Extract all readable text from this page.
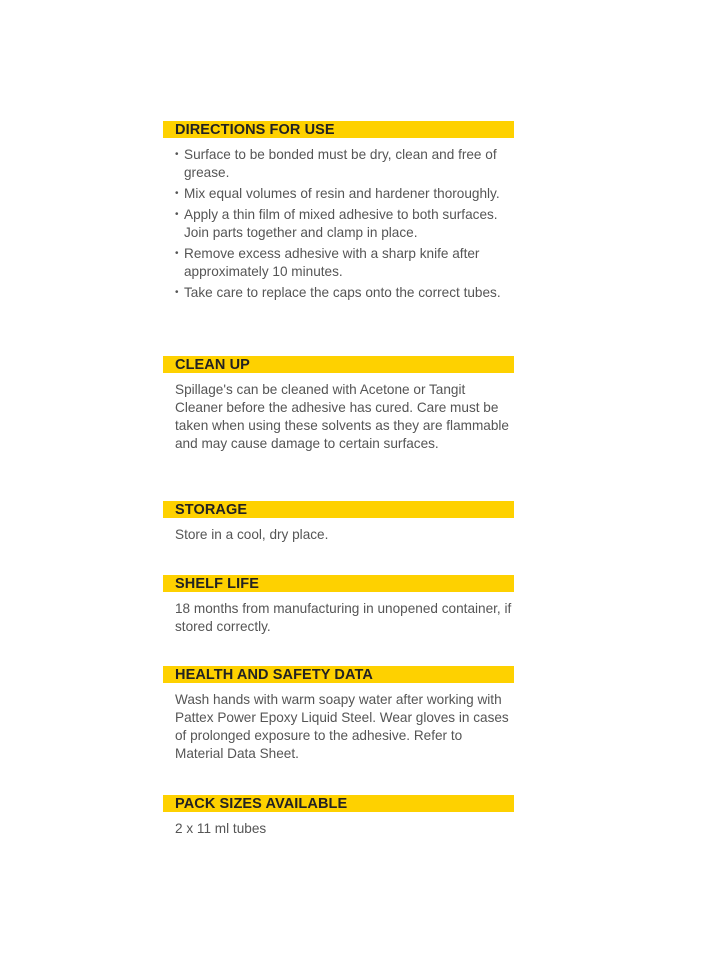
DIRECTIONS FOR USE
• Surface to be bonded must be dry, clean and free of grease.
• Mix equal volumes of resin and hardener thoroughly.
• Apply a thin film of mixed adhesive to both surfaces. Join parts together and clamp in place.
• Remove excess adhesive with a sharp knife after approximately 10 minutes.
• Take care to replace the caps onto the correct tubes.
CLEAN UP

Spillage's can be cleaned with Acetone or Tangit Cleaner before the adhesive has cured. Care must be taken when using these solvents as they are flammable and may cause damage to certain surfaces.

STORAGE

Store in a cool, dry place.

SHELF LIFE

18 months from manufacturing in unopened container, if stored correctly.

HEALTH AND SAFETY DATA

Wash hands with warm soapy water after working with Pattex Power Epoxy Liquid Steel. Wear gloves in cases of prolonged exposure to the adhesive. Refer to Material Data Sheet.

PACK SIZES AVAILABLE

2 x 11 ml tubes
